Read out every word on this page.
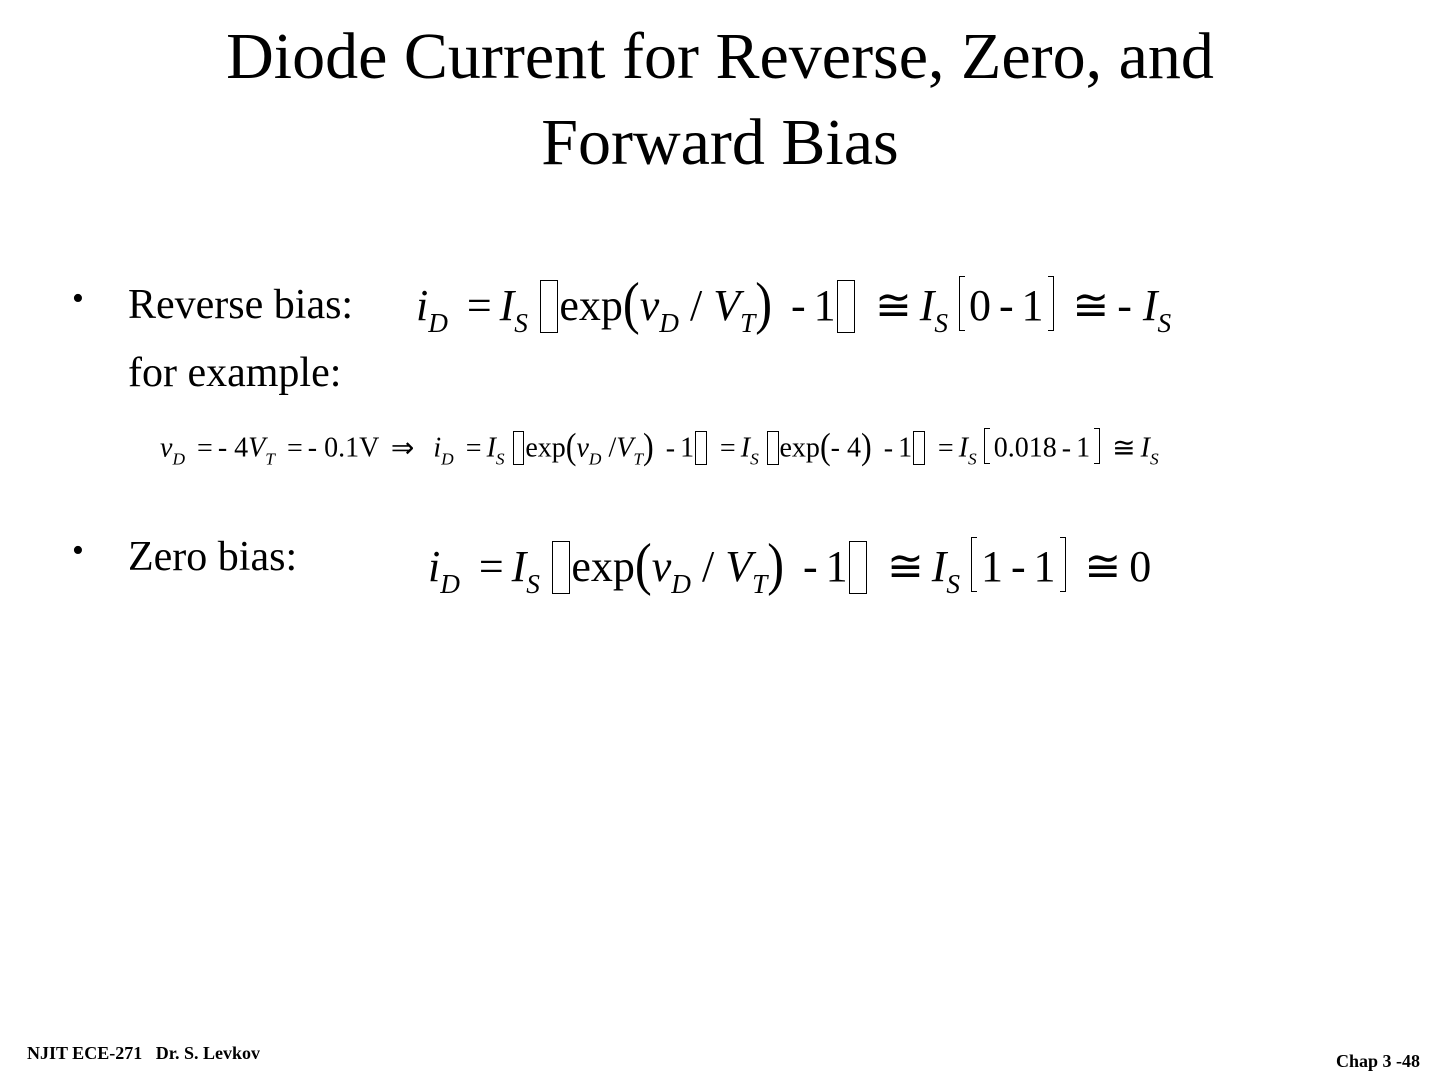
Diode Current for Reverse, Zero, and
Forward Bias
• Reverse bias:
for example:
$i_D = I_S$ $\exp(v_D / V_T) - 1$ ≅ $I_S$ 0 - 1 ≅ - $I_S$
$v_D$ = - $4V_T$ = - 0.1V ⇒ $i_D = I_S$ $\exp(v_D$ $/V_T) - 1 = I_S$ exp(- $4) - 1 = I_S$ 0.018 - 1 ≅ $I_S$
• Zero bias:	$i_D = I_S$ $\exp(v_D / V_T) - 1$ ≅ $I_S$ 1 - 1 ≅ 0
NJIT ECE-271   Dr. S. Levkov	Chap 3 -48
